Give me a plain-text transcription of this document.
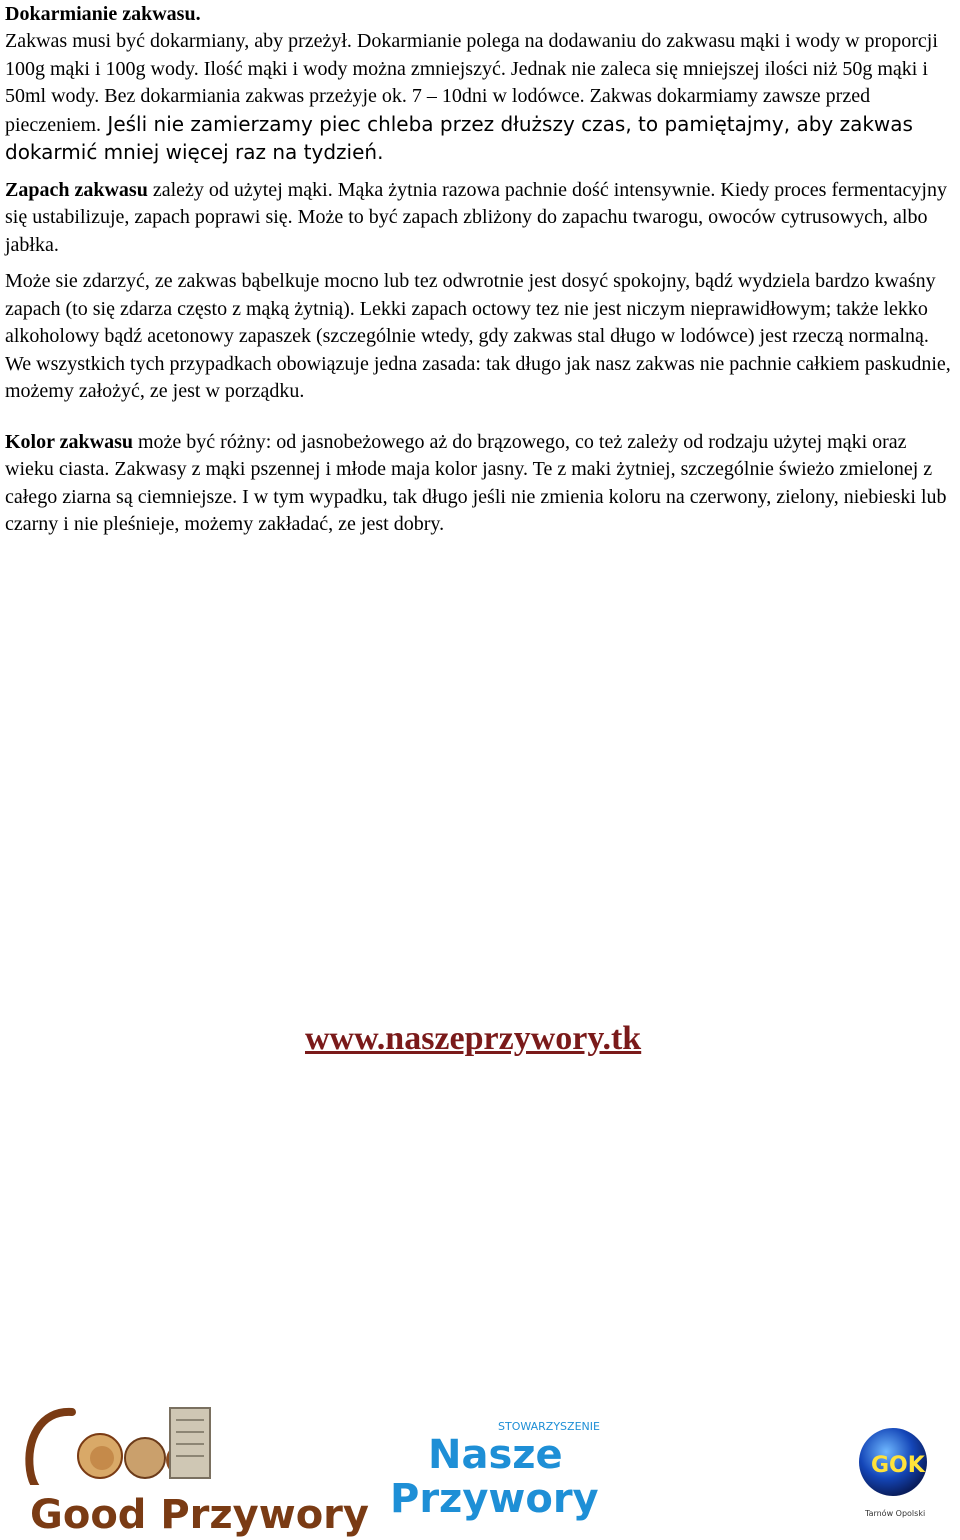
Dokarmianie zakwasu.

Zakwas musi być dokarmiany, aby przeżył. Dokarmianie polega na dodawaniu do zakwasu mąki i wody w proporcji 100g mąki i 100g wody. Ilość mąki i wody można zmniejszyć. Jednak nie zaleca się mniejszej ilości niż 50g mąki i 50ml wody. Bez dokarmiania zakwas przeżyje ok. 7 – 10dni w lodówce. Zakwas dokarmiamy zawsze przed pieczeniem. Jeśli nie zamierzamy piec chleba przez dłuższy czas, to pamiętajmy, aby zakwas dokarmić mniej więcej raz na tydzień.

Zapach zakwasu zależy od użytej mąki. Mąka żytnia razowa pachnie dość intensywnie. Kiedy proces fermentacyjny się ustabilizuje, zapach poprawi się. Może to być zapach zbliżony do zapachu twarogu, owoców cytrusowych, albo jabłka.

Może sie zdarzyć, ze zakwas bąbelkuje mocno lub tez odwrotnie jest dosyć spokojny, bądź wydziela bardzo kwaśny zapach (to się zdarza często z mąką żytnią). Lekki zapach octowy tez nie jest niczym nieprawidłowym; także lekko alkoholowy bądź acetonowy zapaszek (szczególnie wtedy, gdy zakwas stal długo w lodówce) jest rzeczą normalną. We wszystkich tych przypadkach obowiązuje jedna zasada: tak długo jak nasz zakwas nie pachnie całkiem paskudnie, możemy założyć, ze jest w porządku.

Kolor zakwasu może być różny: od jasnobeżowego aż do brązowego, co też zależy od rodzaju użytej mąki oraz wieku ciasta. Zakwasy z mąki pszennej i młode maja kolor jasny. Te z maki żytniej, szczególnie świeżo zmielonej z całego ziarna są ciemniejsze. I w tym wypadku, tak długo jeśli nie zmienia koloru na czerwony, zielony, niebieski lub czarny i nie pleśnieje, możemy zakładać, ze jest dobry.

www.naszeprzywory.tk
Good Przywory
STOWARZYSZENIE
Nasze
Przywory
GOK
Tarnów Opolski
